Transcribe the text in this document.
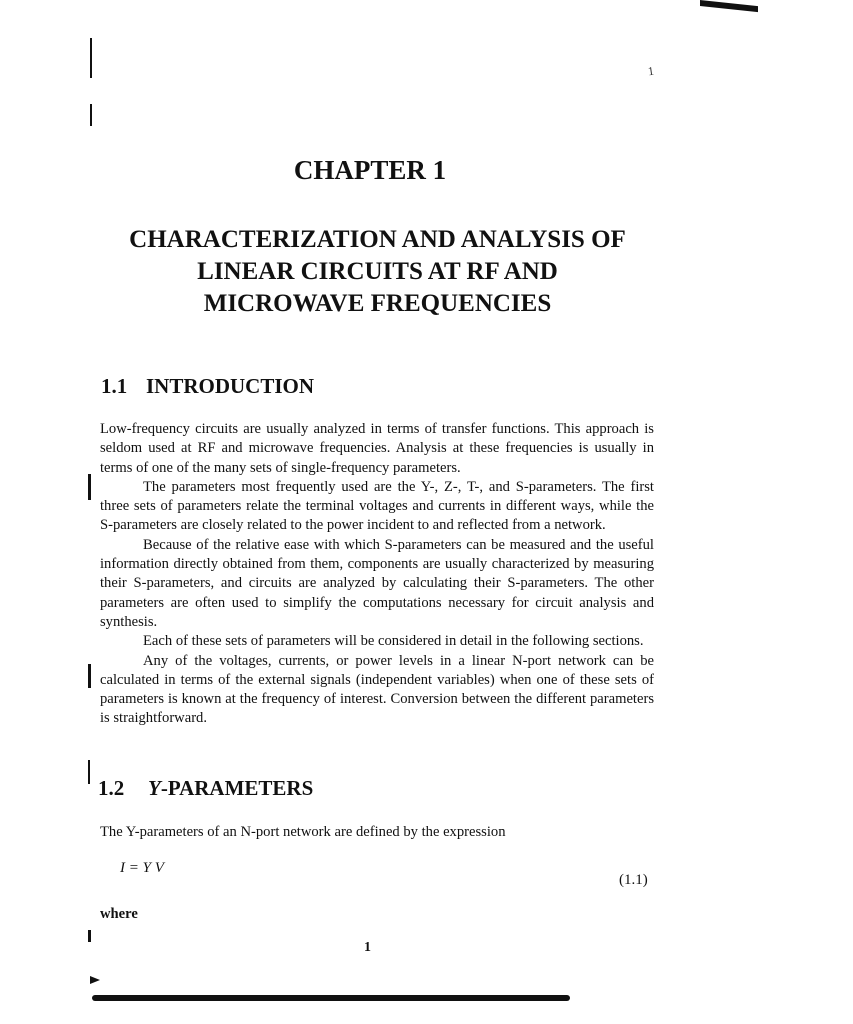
1
CHAPTER 1
CHARACTERIZATION AND ANALYSIS OF
LINEAR CIRCUITS AT RF AND
MICROWAVE FREQUENCIES
1.1 INTRODUCTION

Low-frequency circuits are usually analyzed in terms of transfer functions. This approach is seldom used at RF and microwave frequencies. Analysis at these frequencies is usually in terms of one of the many sets of single-frequency parameters.

The parameters most frequently used are the Y-, Z-, T-, and S-parameters. The first three sets of parameters relate the terminal voltages and currents in different ways, while the S-parameters are closely related to the power incident to and reflected from a network.

Because of the relative ease with which S-parameters can be measured and the useful information directly obtained from them, components are usually characterized by measuring their S-parameters, and circuits are analyzed by calculating their S-parameters. The other parameters are often used to simplify the computations necessary for circuit analysis and synthesis.

Each of these sets of parameters will be considered in detail in the following sections.

Any of the voltages, currents, or power levels in a linear N-port network can be calculated in terms of the external signals (independent variables) when one of these sets of parameters is known at the frequency of interest. Conversion between the different parameters is straightforward.

1.2 Y-PARAMETERS
The Y-parameters of an N-port network are defined by the expression
I = Y V
(1.1)
where
1
